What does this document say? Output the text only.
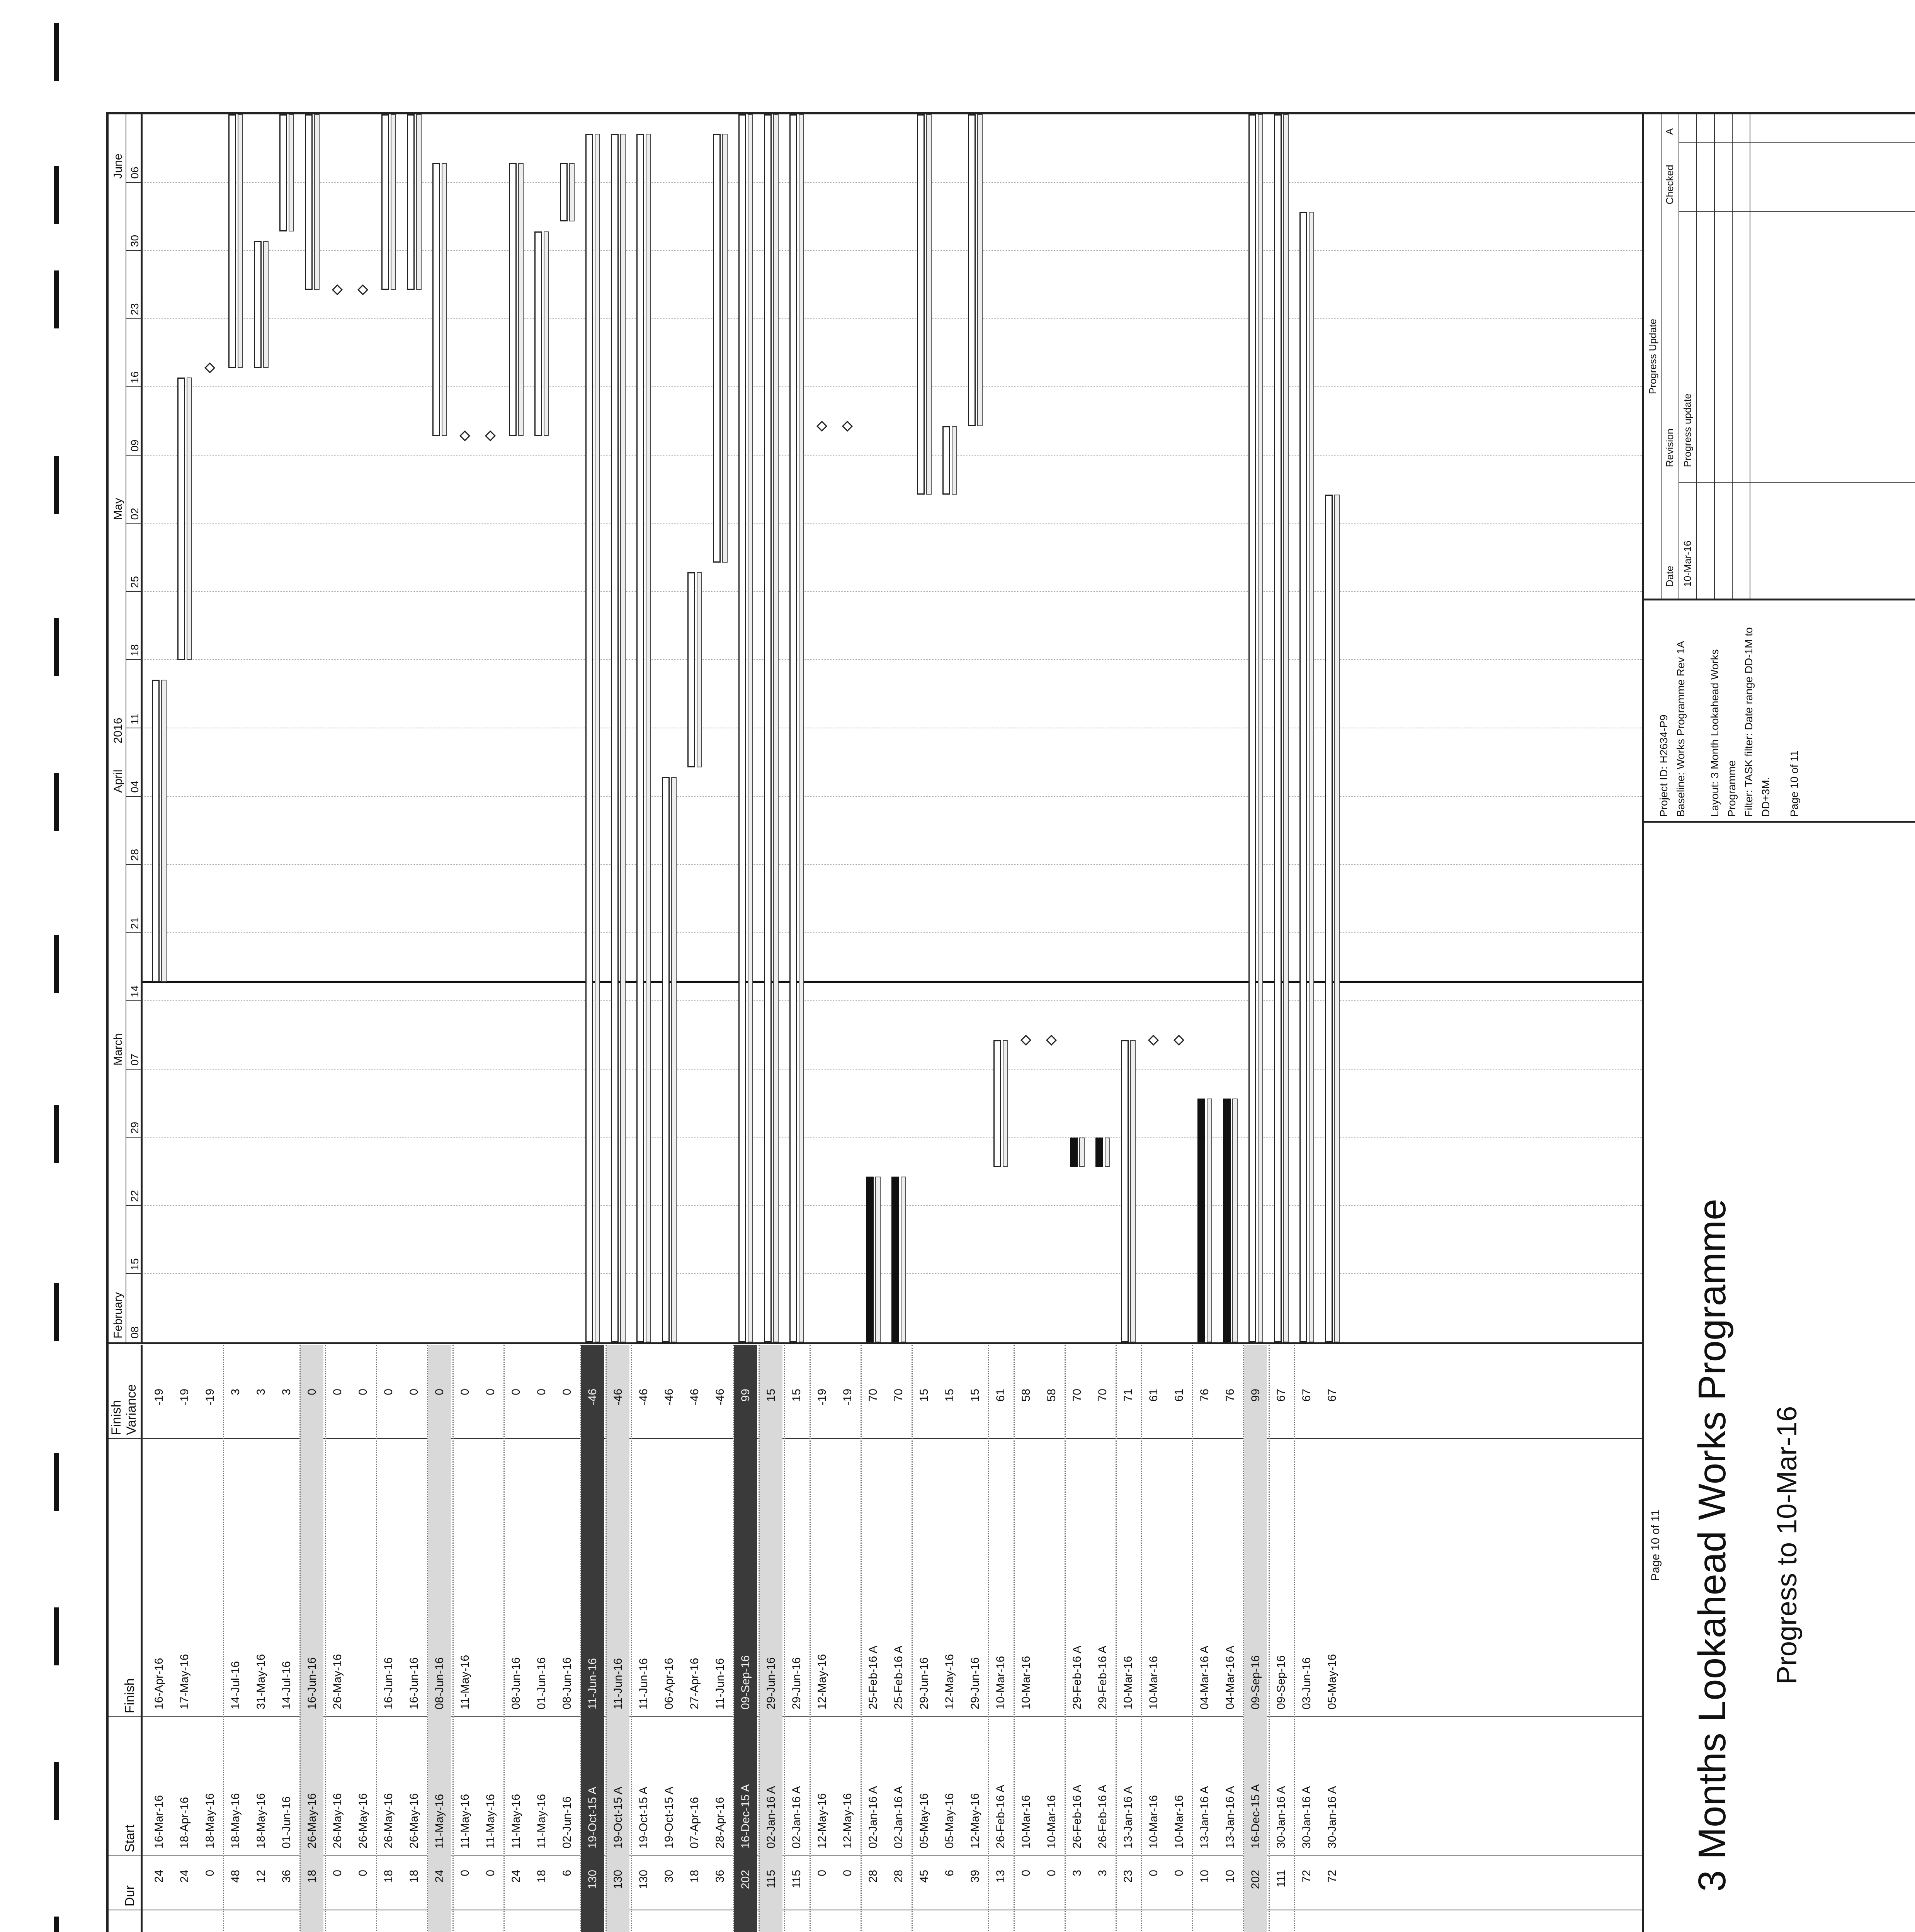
Dur
Start
Finish
Finish Variance
24
16-Mar-16
16-Apr-16
-19
24
18-Apr-16
17-May-16
-19
0
18-May-16
-19
48
18-May-16
14-Jul-16
3
12
18-May-16
31-May-16
3
36
01-Jun-16
14-Jul-16
3
18
26-May-16
16-Jun-16
0
0
26-May-16
26-May-16
0
0
26-May-16
0
18
26-May-16
16-Jun-16
0
18
26-May-16
16-Jun-16
0
24
11-May-16
08-Jun-16
0
0
11-May-16
11-May-16
0
0
11-May-16
0
24
11-May-16
08-Jun-16
0
18
11-May-16
01-Jun-16
0
6
02-Jun-16
08-Jun-16
0
130
19-Oct-15 A
11-Jun-16
-46
130
19-Oct-15 A
11-Jun-16
-46
130
19-Oct-15 A
11-Jun-16
-46
30
19-Oct-15 A
06-Apr-16
-46
18
07-Apr-16
27-Apr-16
-46
36
28-Apr-16
11-Jun-16
-46
202
16-Dec-15 A
09-Sep-16
99
115
02-Jan-16 A
29-Jun-16
15
115
02-Jan-16 A
29-Jun-16
15
0
12-May-16
12-May-16
-19
0
12-May-16
-19
28
02-Jan-16 A
25-Feb-16 A
70
28
02-Jan-16 A
25-Feb-16 A
70
45
05-May-16
29-Jun-16
15
6
05-May-16
12-May-16
15
39
12-May-16
29-Jun-16
15
13
26-Feb-16 A
10-Mar-16
61
0
10-Mar-16
10-Mar-16
58
0
10-Mar-16
58
3
26-Feb-16 A
29-Feb-16 A
70
3
26-Feb-16 A
29-Feb-16 A
70
23
13-Jan-16 A
10-Mar-16
71
0
10-Mar-16
10-Mar-16
61
0
10-Mar-16
61
10
13-Jan-16 A
04-Mar-16 A
76
10
13-Jan-16 A
04-Mar-16 A
76
202
16-Dec-15 A
09-Sep-16
99
111
30-Jan-16 A
09-Sep-16
67
72
30-Jan-16 A
03-Jun-16
67
72
30-Jan-16 A
05-May-16
67
2016
February
March
April
May
June
08
15
22
29
07
14
21
28
04
11
18
25
02
09
16
23
30
06
Page 10 of 11 3 Months Lookahead Works Programme Progress to 10-Mar-16
Project ID: H2634-P9 Baseline: Works Programme Rev 1A Layout: 3 Month Lookahead Works Programme Filter: TASK filter: Date range DD-1M to DD+3M. Page 10 of 11
Progress Update
Date
Revision
Checked
A
10-Mar-16
Progress update
